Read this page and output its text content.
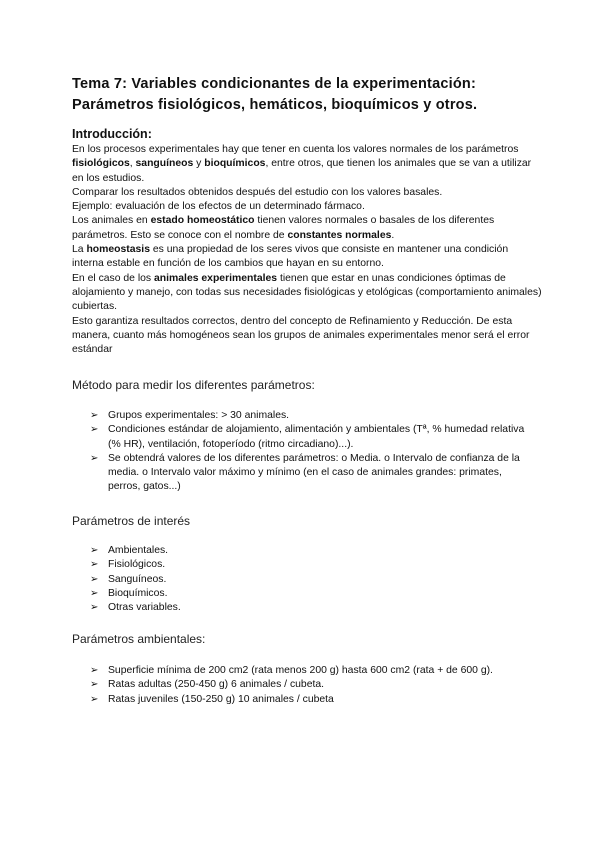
Tema 7: Variables condicionantes de la experimentación:
Parámetros fisiológicos, hemáticos, bioquímicos y otros.
Introducción:

En los procesos experimentales hay que tener en cuenta los valores normales de los parámetros fisiológicos, sanguíneos y bioquímicos, entre otros, que tienen los animales que se van a utilizar en los estudios.

Comparar los resultados obtenidos después del estudio con los valores basales.

Ejemplo: evaluación de los efectos de un determinado fármaco.

Los animales en estado homeostático tienen valores normales o basales de los diferentes parámetros. Esto se conoce con el nombre de constantes normales.

La homeostasis es una propiedad de los seres vivos que consiste en mantener una condición interna estable en función de los cambios que hayan en su entorno.

En el caso de los animales experimentales tienen que estar en unas condiciones óptimas de alojamiento y manejo, con todas sus necesidades fisiológicas y etológicas (comportamiento animales) cubiertas.

Esto garantiza resultados correctos, dentro del concepto de Refinamiento y Reducción. De esta manera, cuanto más homogéneos sean los grupos de animales experimentales menor será el error estándar

Método para medir los diferentes parámetros:
➢ Grupos experimentales: > 30 animales.
➢ Condiciones estándar de alojamiento, alimentación y ambientales (Tª, % humedad relativa (% HR), ventilación, fotoperíodo (ritmo circadiano)...).
➢ Se obtendrá valores de los diferentes parámetros: o Media. o Intervalo de confianza de la media. o Intervalo valor máximo y mínimo (en el caso de animales grandes: primates, perros, gatos...)
Parámetros de interés
➢ Ambientales.
➢ Fisiológicos.
➢ Sanguíneos.
➢ Bioquímicos.
➢ Otras variables.
Parámetros ambientales:
➢ Superficie mínima de 200 cm2 (rata menos 200 g) hasta 600 cm2 (rata + de 600 g).
➢ Ratas adultas (250-450 g) 6 animales / cubeta.
➢ Ratas juveniles (150-250 g) 10 animales / cubeta
